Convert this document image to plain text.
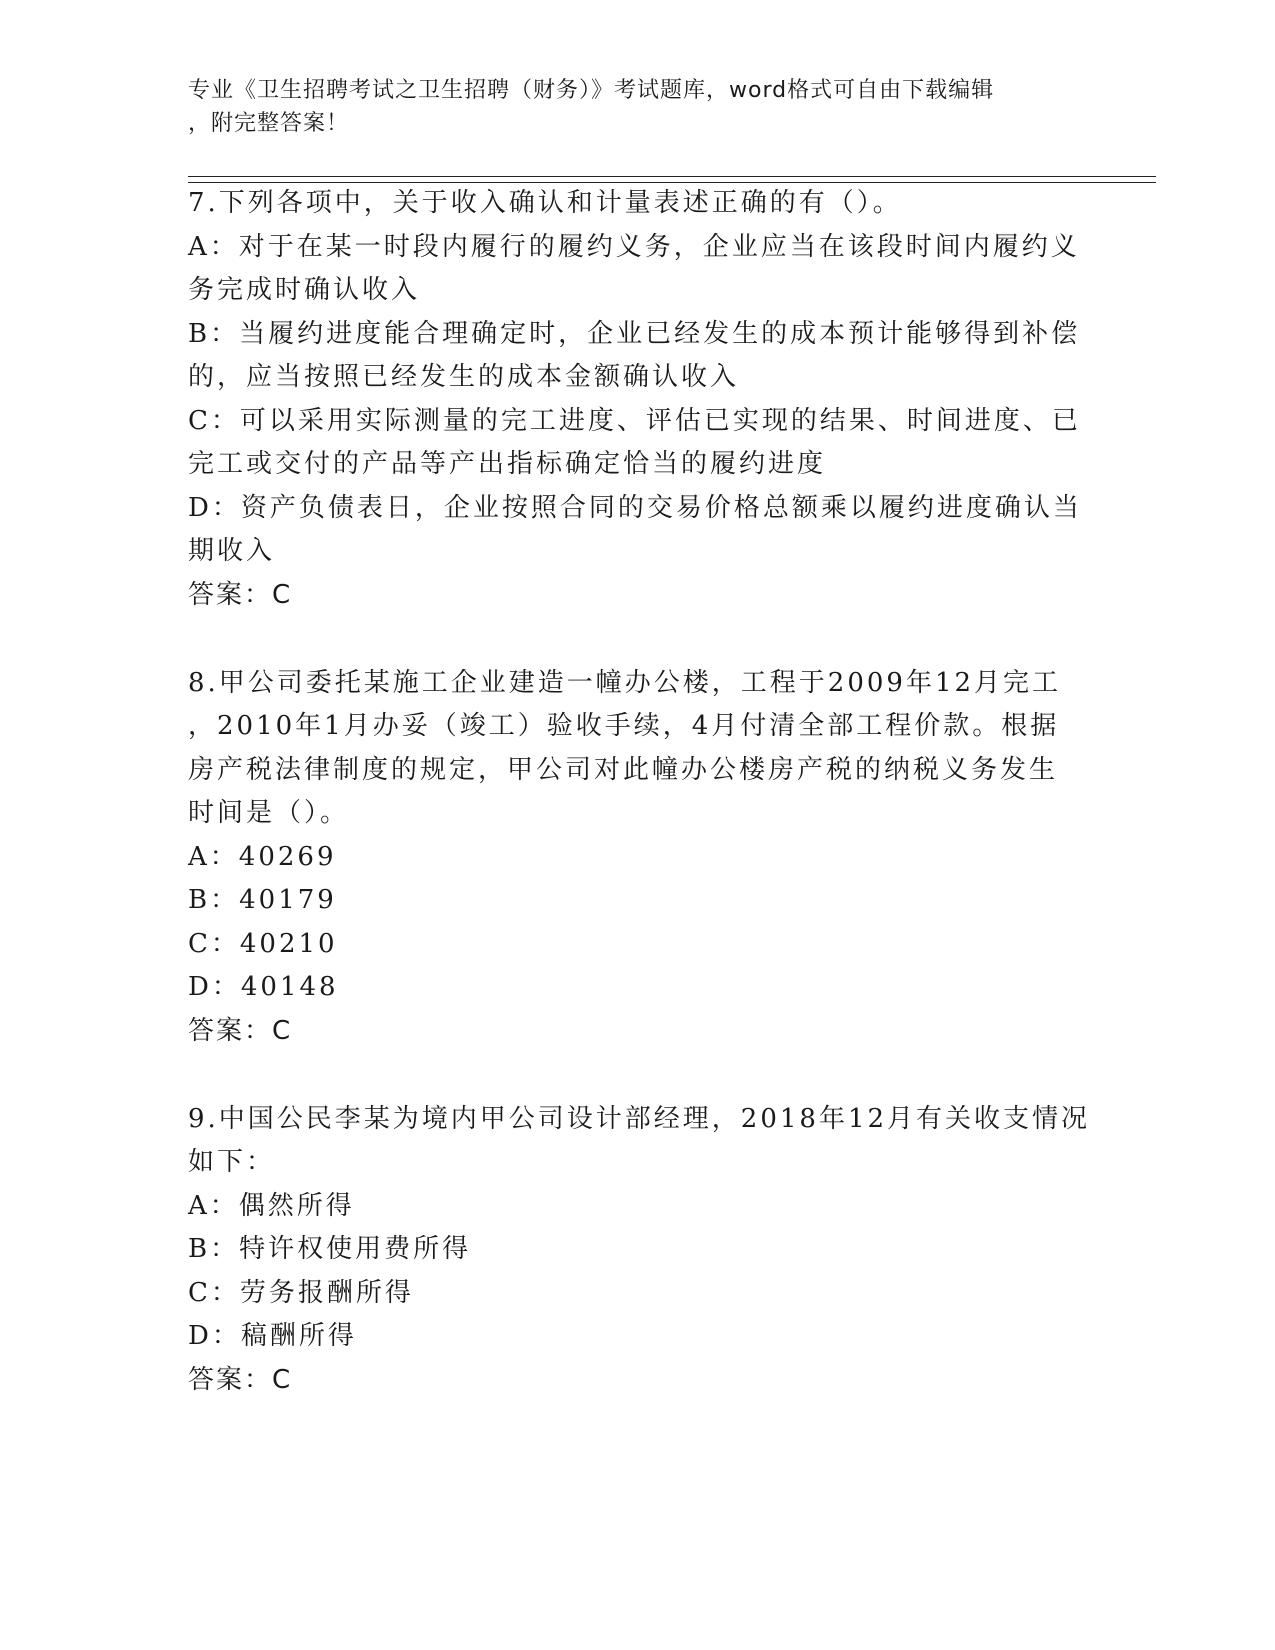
专业《卫生招聘考试之卫生招聘（财务）》考试题库，word格式可自由下载编辑
，附完整答案！
7.下列各项中，关于收入确认和计量表述正确的有（）。
A：对于在某一时段内履行的履约义务，企业应当在该段时间内履约义
务完成时确认收入
B：当履约进度能合理确定时，企业已经发生的成本预计能够得到补偿
的，应当按照已经发生的成本金额确认收入
C：可以采用实际测量的完工进度、评估已实现的结果、时间进度、已
完工或交付的产品等产出指标确定恰当的履约进度
D：资产负债表日，企业按照合同的交易价格总额乘以履约进度确认当
期收入
答案：C
8.甲公司委托某施工企业建造一幢办公楼，工程于2009年12月完工
，2010年1月办妥（竣工）验收手续，4月付清全部工程价款。根据
房产税法律制度的规定，甲公司对此幢办公楼房产税的纳税义务发生
时间是（）。
A：40269
B：40179
C：40210
D：40148
答案：C
9.中国公民李某为境内甲公司设计部经理，2018年12月有关收支情况
如下：
A：偶然所得
B：特许权使用费所得
C：劳务报酬所得
D：稿酬所得
答案：C
